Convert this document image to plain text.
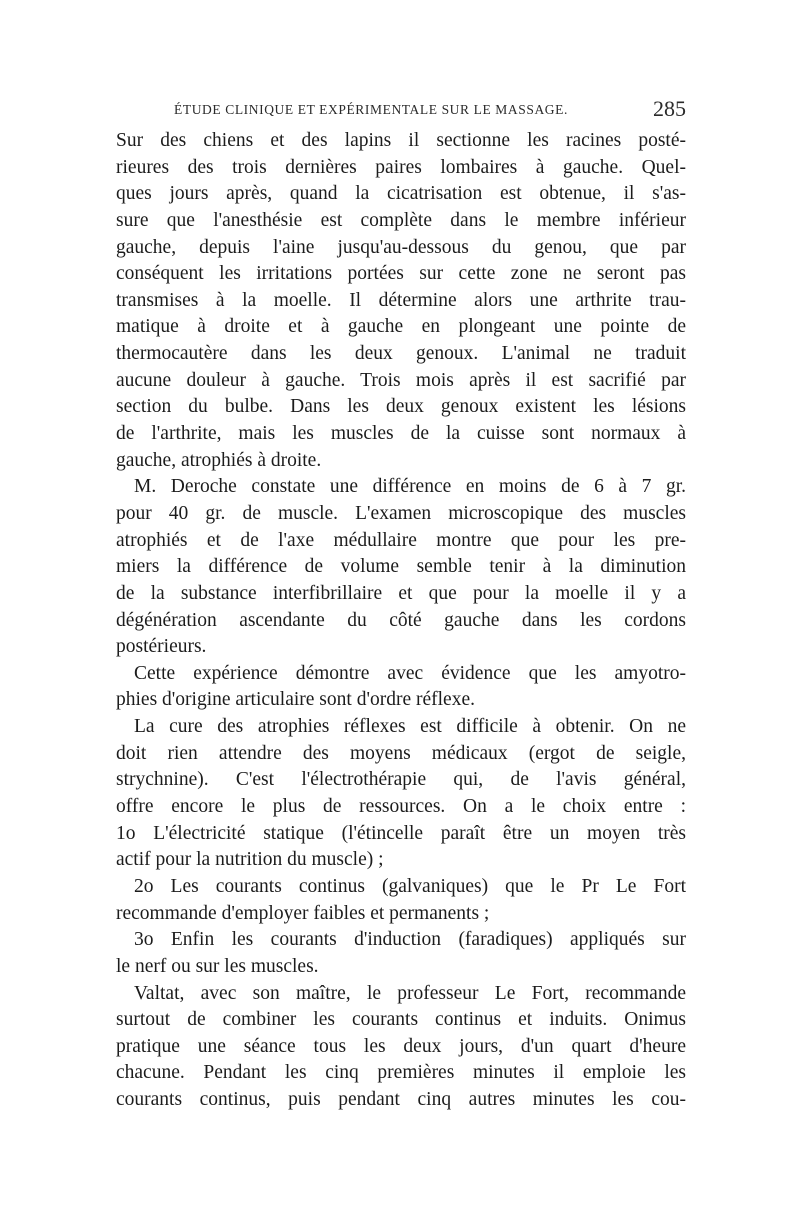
ÉTUDE CLINIQUE ET EXPÉRIMENTALE SUR LE MASSAGE.	285
Sur des chiens et des lapins il sectionne les racines posté-
rieures des trois dernières paires lombaires à gauche. Quel-
ques jours après, quand la cicatrisation est obtenue, il s'as-
sure que l'anesthésie est complète dans le membre inférieur
gauche, depuis l'aine jusqu'au-dessous du genou, que par
conséquent les irritations portées sur cette zone ne seront pas
transmises à la moelle. Il détermine alors une arthrite trau-
matique à droite et à gauche en plongeant une pointe de
thermocautère dans les deux genoux. L'animal ne traduit
aucune douleur à gauche. Trois mois après il est sacrifié par
section du bulbe. Dans les deux genoux existent les lésions
de l'arthrite, mais les muscles de la cuisse sont normaux à
gauche, atrophiés à droite.
M. Deroche constate une différence en moins de 6 à 7 gr.
pour 40 gr. de muscle. L'examen microscopique des muscles
atrophiés et de l'axe médullaire montre que pour les pre-
miers la différence de volume semble tenir à la diminution
de la substance interfibrillaire et que pour la moelle il y a
dégénération ascendante du côté gauche dans les cordons
postérieurs.
Cette expérience démontre avec évidence que les amyotro-
phies d'origine articulaire sont d'ordre réflexe.
La cure des atrophies réflexes est difficile à obtenir. On ne
doit rien attendre des moyens médicaux (ergot de seigle,
strychnine). C'est l'électrothérapie qui, de l'avis général,
offre encore le plus de ressources. On a le choix entre :
1o L'électricité statique (l'étincelle paraît être un moyen très
actif pour la nutrition du muscle) ;
2o Les courants continus (galvaniques) que le Pr Le Fort
recommande d'employer faibles et permanents ;
3o Enfin les courants d'induction (faradiques) appliqués sur
le nerf ou sur les muscles.
Valtat, avec son maître, le professeur Le Fort, recommande
surtout de combiner les courants continus et induits. Onimus
pratique une séance tous les deux jours, d'un quart d'heure
chacune. Pendant les cinq premières minutes il emploie les
courants continus, puis pendant cinq autres minutes les cou-
